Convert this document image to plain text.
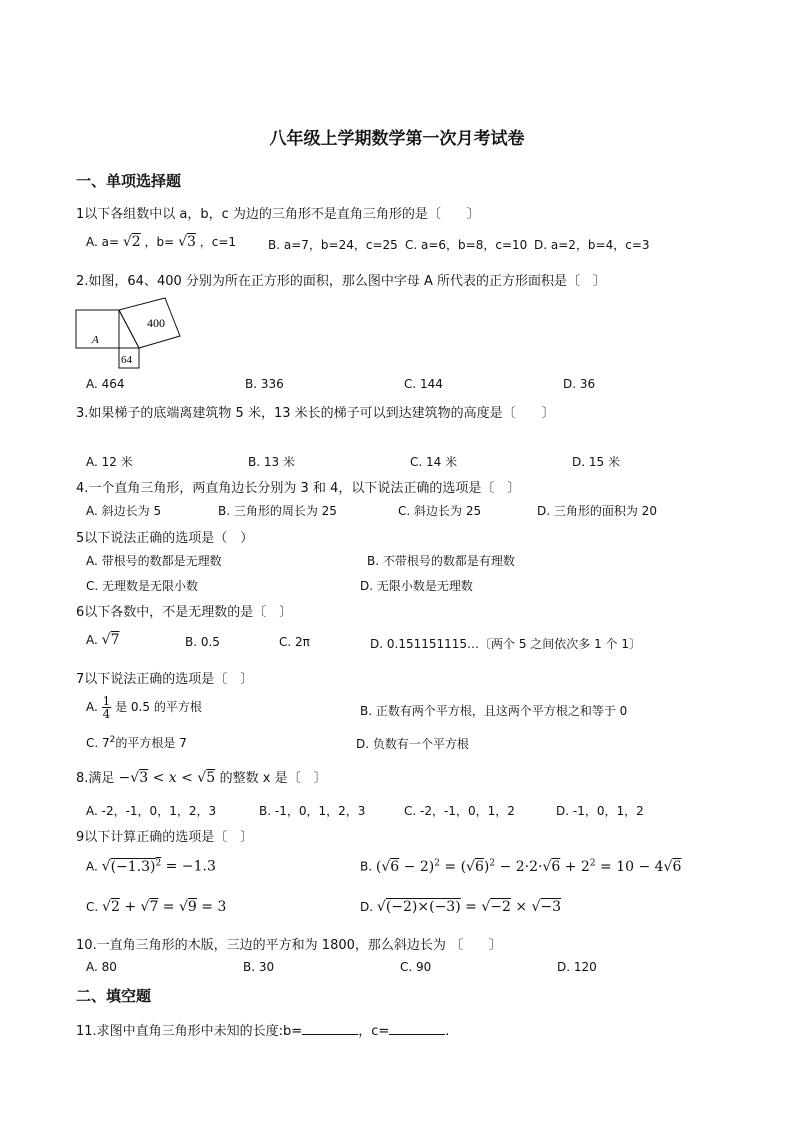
八年级上学期数学第一次月考试卷
一、单项选择题
1以下各组数中以 a，b，c 为边的三角形不是直角三角形的是〔　　〕
A. a= √2 ，b= √3 ，c=1	B. a=7，b=24，c=25 C. a=6，b=8，c=10 D. a=2，b=4，c=3
2.如图，64、400 分别为所在正方形的面积，那么图中字母 A 所代表的正方形面积是〔　〕
400
A
64
A. 464	B. 336	C. 144	D. 36
3.如果梯子的底端离建筑物 5 米，13 米长的梯子可以到达建筑物的高度是〔　　〕
A. 12 米	B. 13 米	C. 14 米	D. 15 米
4.一个直角三角形，两直角边长分别为 3 和 4，以下说法正确的选项是〔　〕
A. 斜边长为 5	B. 三角形的周长为 25	C. 斜边长为 25	D. 三角形的面积为 20
5以下说法正确的选项是（　）
A. 带根号的数都是无理数	B. 不带根号的数都是有理数
C. 无理数是无限小数	D. 无限小数是无理数
6以下各数中，不是无理数的是〔　〕
A. √7	B. 0.5	C. 2π	D. 0.151151115…〔两个 5 之间依次多 1 个 1〕
7以下说法正确的选项是〔　〕
A. $\frac{1}{4}$ 是 0.5 的平方根	B. 正数有两个平方根，且这两个平方根之和等于 0
C. $7^2$的平方根是 7	D. 负数有一个平方根
8.满足 −√3 < x < √5 的整数 x 是〔　〕
A. -2，-1，0，1，2，3	B. -1，0，1，2，3	C. -2，-1，0，1，2	D. -1，0，1，2
9以下计算正确的选项是〔　〕
A. $√(-1.3)^2 = -1.3$	B. $(√6 - 2)^2 = (√6)^2 - 2\cdot 2\cdot√6 + 2^2 = 10 - 4√6$
C. √2 + √7 = √9 = 3	D. √(−2)×(−3) = √−2 × √−3
10.一直角三角形的木版，三边的平方和为 1800，那么斜边长为 〔　　〕
A. 80	B. 30	C. 90	D. 120
二、填空题
11.求图中直角三角形中未知的长度:b=	，c=	.
